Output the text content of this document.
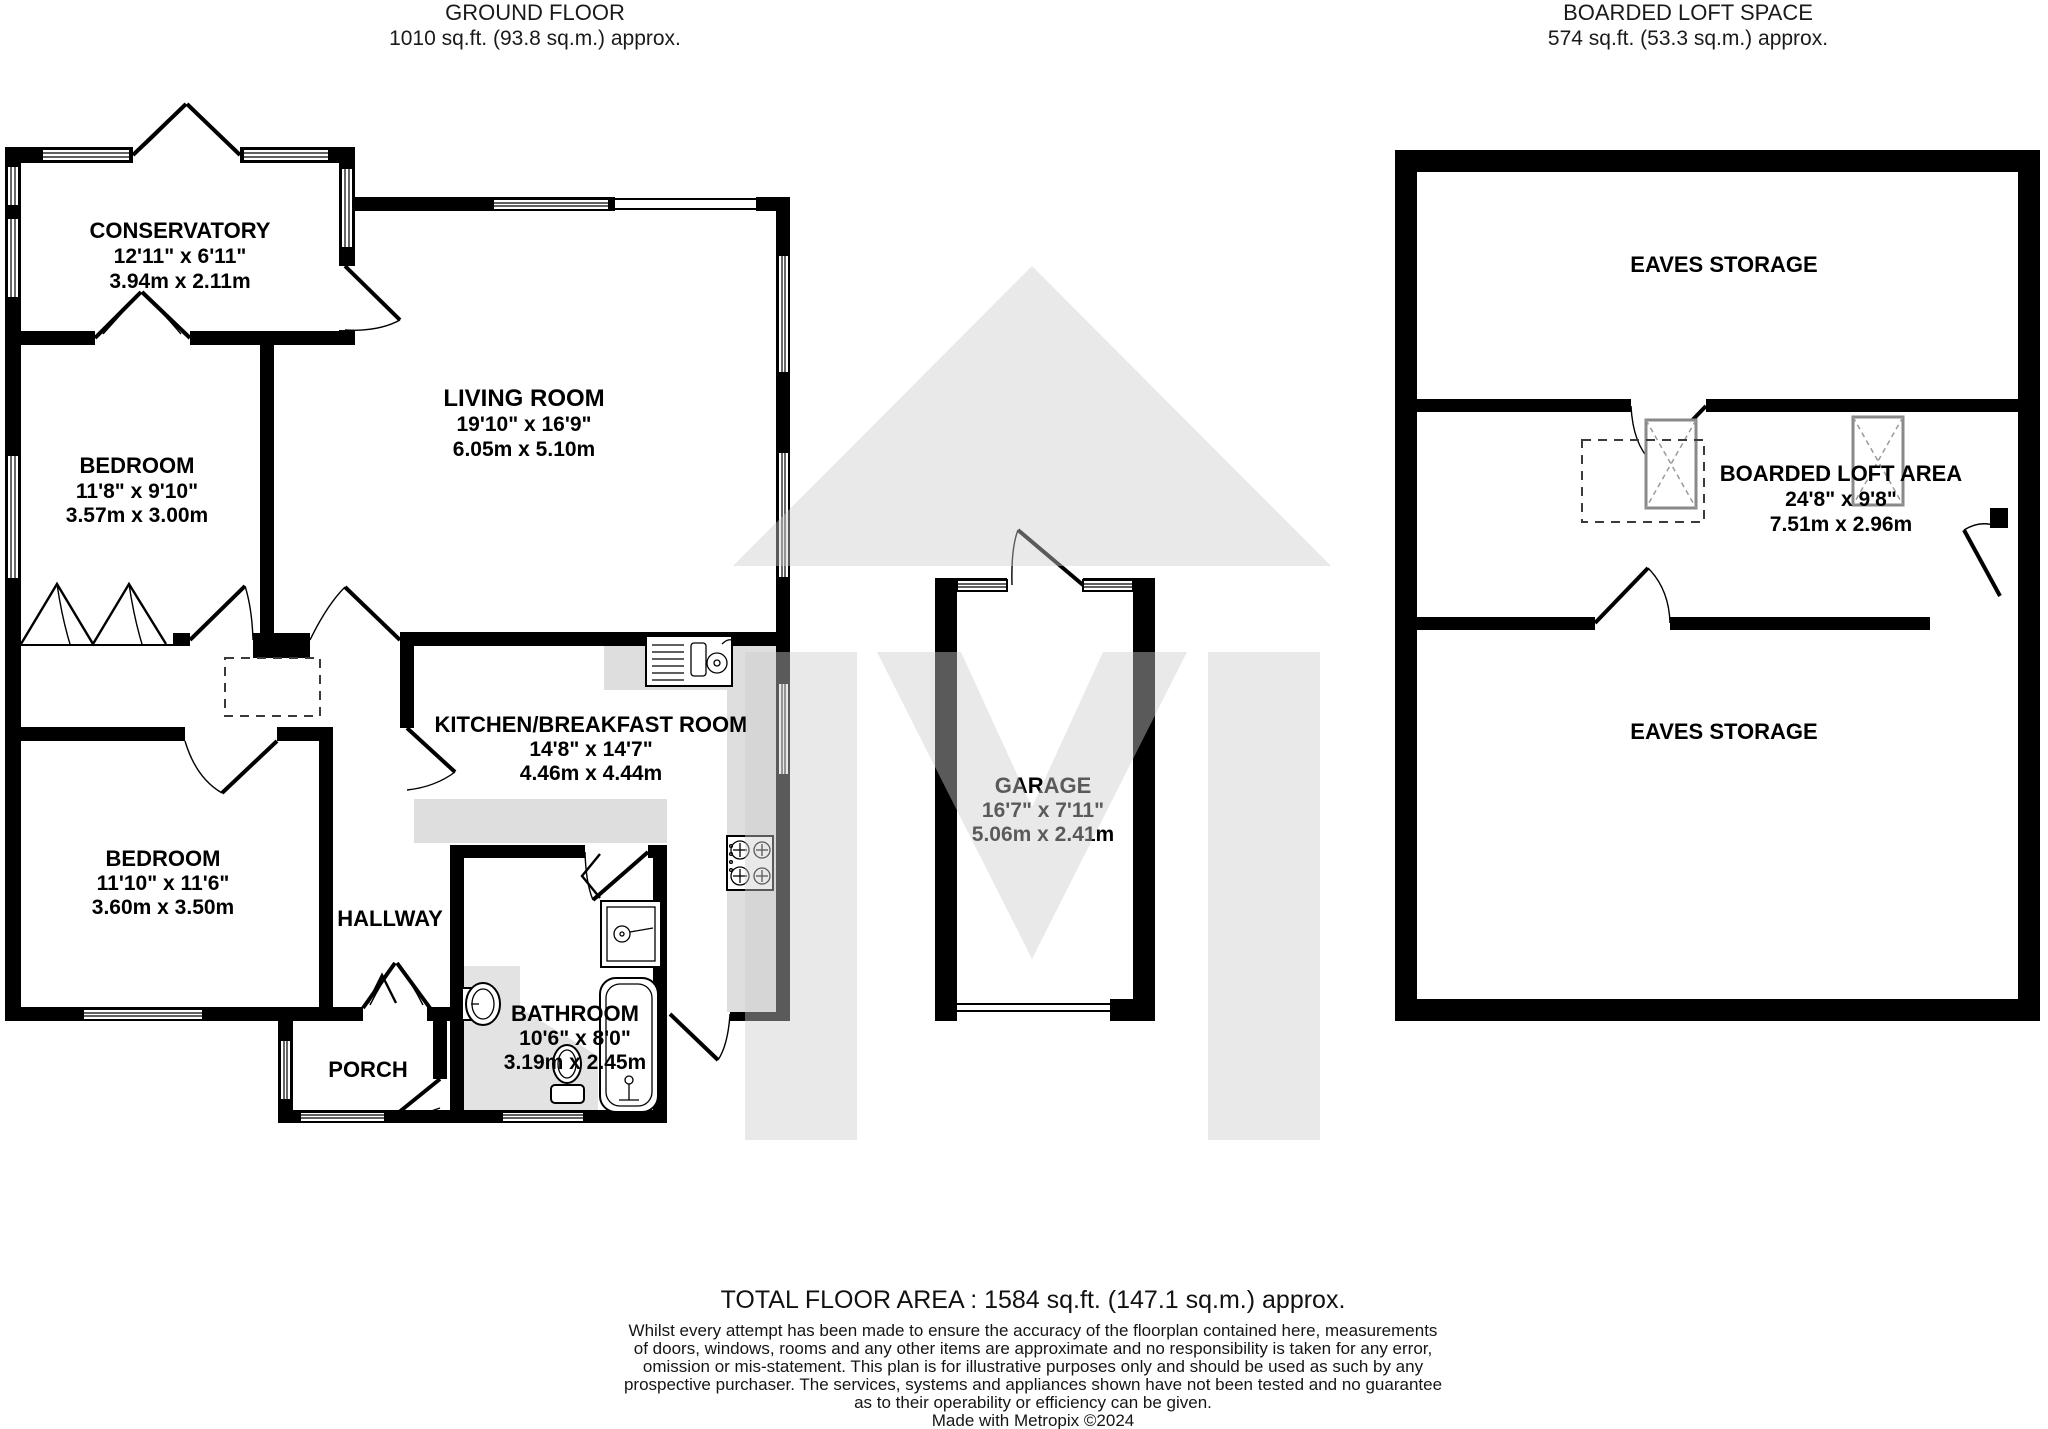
CONSERVATORY
12'11" x 6'11"
3.94m x 2.11m
LIVING ROOM
19'10" x 16'9"
6.05m x 5.10m
BEDROOM
11'8" x 9'10"
3.57m x 3.00m
KITCHEN/BREAKFAST ROOM
14'8" x 14'7"
4.46m x 4.44m
BEDROOM
11'10" x 11'6"
3.60m x 3.50m	HALLWAY
PORCH
BATHROOM
10'6" x 8'0"
3.19m x 2.45m
GARAGE
16'7" x 7'11"
5.06m x 2.41m
EAVES STORAGE
BOARDED LOFT AREA
24'8" x 9'8"
7.51m x 2.96m
EAVES STORAGE
GROUND FLOOR
1010 sq.ft. (93.8 sq.m.) approx.
BOARDED LOFT SPACE
574 sq.ft. (53.3 sq.m.) approx.
TOTAL FLOOR AREA : 1584 sq.ft. (147.1 sq.m.) approx.
Whilst every attempt has been made to ensure the accuracy of the floorplan contained here, measurements
of doors, windows, rooms and any other items are approximate and no responsibility is taken for any error,
omission or mis-statement. This plan is for illustrative purposes only and should be used as such by any
prospective purchaser. The services, systems and appliances shown have not been tested and no guarantee
as to their operability or efficiency can be given.
Made with Metropix ©2024
